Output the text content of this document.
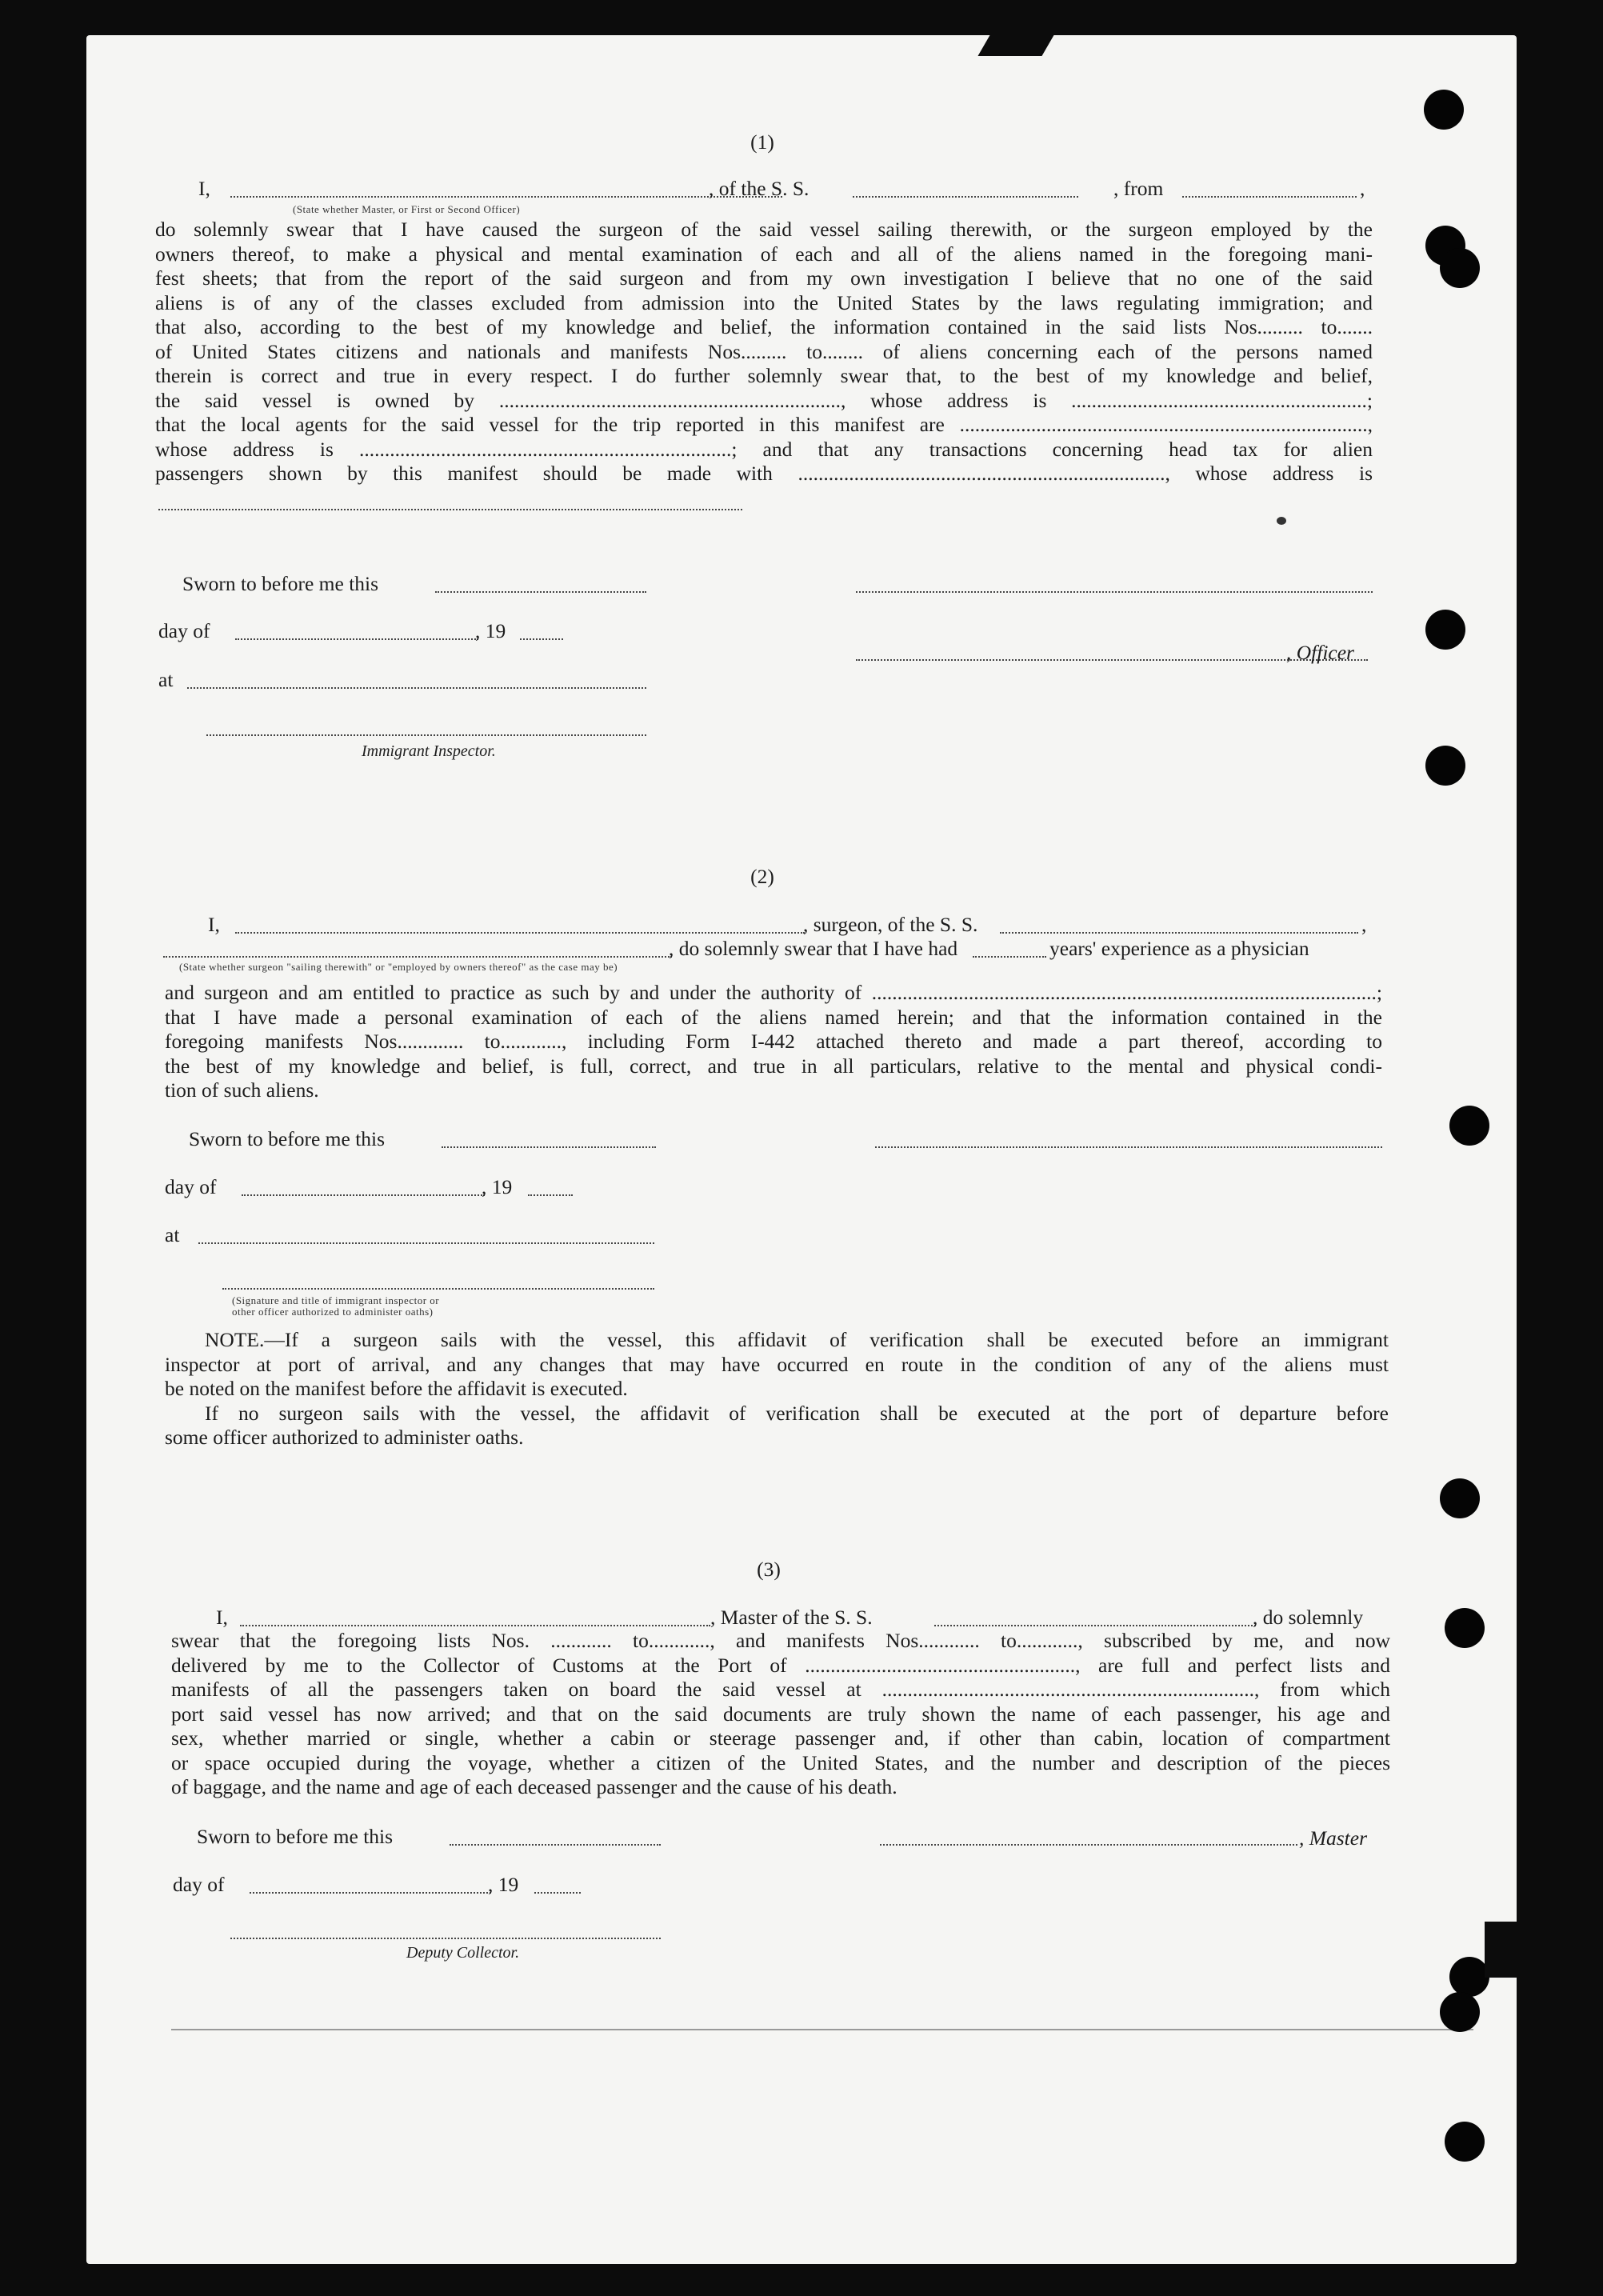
(1)
I,
(State whether Master, or First or Second Officer)
, of the S. S.	, from	,
do solemnly swear that I have caused the surgeon of the said vessel sailing therewith, or the surgeon employed by the
owners thereof, to make a physical and mental examination of each and all of the aliens named in the foregoing mani-
fest sheets; that from the report of the said surgeon and from my own investigation I believe that no one of the said
aliens is of any of the classes excluded from admission into the United States by the laws regulating immigration; and
that also, according to the best of my knowledge and belief, the information contained in the said lists Nos......... to.......
of United States citizens and nationals and manifests Nos......... to........ of aliens concerning each of the persons named
therein is correct and true in every respect. I do further solemnly swear that, to the best of my knowledge and belief,
the said vessel is owned by ..................................................................., whose address is ..........................................................;
that the local agents for the said vessel for the trip reported in this manifest are ................................................................................,
whose address is .........................................................................; and that any transactions concerning head tax for alien
passengers shown by this manifest should be made with ........................................................................, whose address is
Sworn to before me this
day of	, 19
, Officer
at
Immigrant Inspector.
(2)
I,	, surgeon, of the S. S.	,
, do solemnly swear that I have had	years' experience as a physician
(State whether surgeon "sailing therewith" or "employed by owners thereof" as the case may be)
and surgeon and am entitled to practice as such by and under the authority of ...................................................................................................;
that I have made a personal examination of each of the aliens named herein; and that the information contained in the
foregoing manifests Nos............. to............, including Form I-442 attached thereto and made a part thereof, according to
the best of my knowledge and belief, is full, correct, and true in all particulars, relative to the mental and physical condi-
tion of such aliens.
Sworn to before me this
day of	, 19
at
(Signature and title of immigrant inspector or
other officer authorized to administer oaths)
NOTE.—If a surgeon sails with the vessel, this affidavit of verification shall be executed before an immigrant
inspector at port of arrival, and any changes that may have occurred en route in the condition of any of the aliens must
be noted on the manifest before the affidavit is executed.
If no surgeon sails with the vessel, the affidavit of verification shall be executed at the port of departure before
some officer authorized to administer oaths.
(3)
I,	, Master of the S. S.	, do solemnly
swear that the foregoing lists Nos. ............ to............, and manifests Nos............ to............, subscribed by me, and now
delivered by me to the Collector of Customs at the Port of ....................................................., are full and perfect lists and
manifests of all the passengers taken on board the said vessel at ........................................................................., from which
port said vessel has now arrived; and that on the said documents are truly shown the name of each passenger, his age and
sex, whether married or single, whether a cabin or steerage passenger and, if other than cabin, location of compartment
or space occupied during the voyage, whether a citizen of the United States, and the number and description of the pieces
of baggage, and the name and age of each deceased passenger and the cause of his death.
Sworn to before me this	, Master
day of	, 19
Deputy Collector.
